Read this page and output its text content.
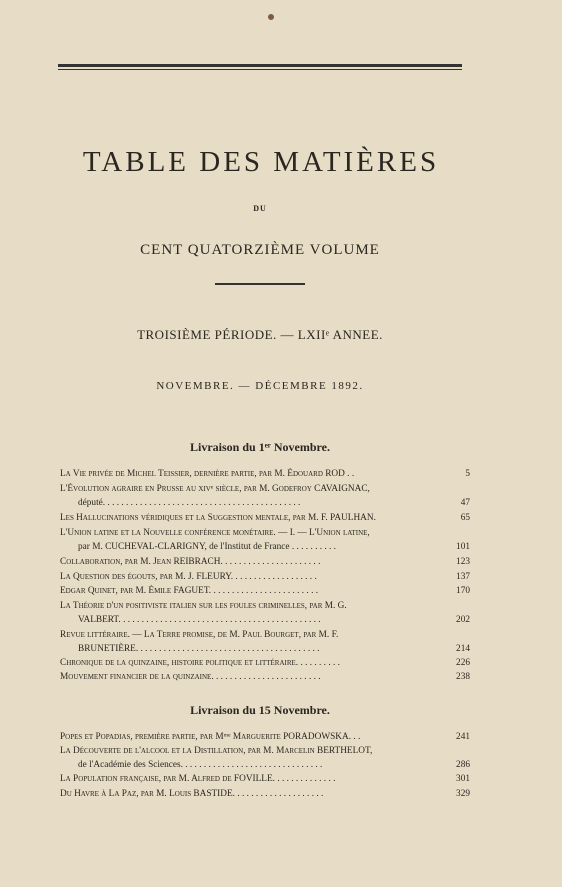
TABLE DES MATIÈRES
DU
CENT QUATORZIÈME VOLUME
TROISIÈME PÉRIODE. — LXIIᵉ ANNEE.
NOVEMBRE. — DÉCEMBRE 1892.
Livraison du 1ᵉʳ Novembre.
La Vie privée de Michel Teissier, dernière partie, par M. Édouard ROD . .	5
L'Évolution agraire en Prusse au xivᵉ siècle, par M. Godefroy CAVAIGNAC,
député. . . . . . . . . . . . . . . . . . . . . . . . . . . . . . . . . . . . . . . . . . .	47
Les Hallucinations véridiques et la Suggestion mentale, par M. F. PAULHAN.	65
L'Union latine et la Nouvelle conférence monétaire. — I. — L'Union latine,
par M. CUCHEVAL-CLARIGNY, de l'Institut de France . . . . . . . . . .	101
Collaboration, par M. Jean REIBRACH. . . . . . . . . . . . . . . . . . . . . .	123
La Question des égouts, par M. J. FLEURY. . . . . . . . . . . . . . . . . . .	137
Edgar Quinet, par M. Émile FAGUET. . . . . . . . . . . . . . . . . . . . . . . .	170
La Théorie d'un positiviste italien sur les foules criminelles, par M. G.
VALBERT. . . . . . . . . . . . . . . . . . . . . . . . . . . . . . . . . . . . . . . . . . . .	202
Revue littéraire. — La Terre promise, de M. Paul Bourget, par M. F.
BRUNETIÈRE. . . . . . . . . . . . . . . . . . . . . . . . . . . . . . . . . . . . . . . .	214
Chronique de la quinzaine, histoire politique et littéraire. . . . . . . . . .	226
Mouvement financier de la quinzaine. . . . . . . . . . . . . . . . . . . . . . . .	238
Livraison du 15 Novembre.
Popes et Popadias, première partie, par Mᵐᵉ Marguerite PORADOWSKA. . .	241
La Découverte de l'alcool et la Distillation, par M. Marcelin BERTHELOT,
de l'Académie des Sciences. . . . . . . . . . . . . . . . . . . . . . . . . . . . . . .	286
La Population française, par M. Alfred de FOVILLE. . . . . . . . . . . . . .	301
Du Havre à La Paz, par M. Louis BASTIDE. . . . . . . . . . . . . . . . . . . .	329
